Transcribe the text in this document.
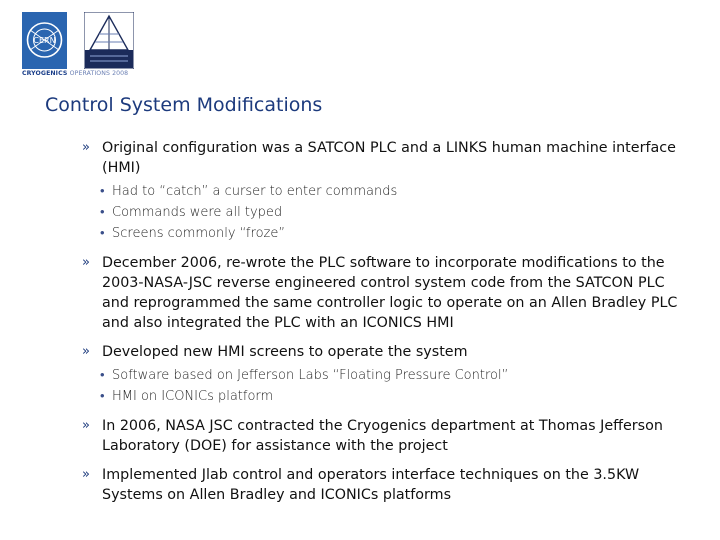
CERN
CRYOGENICS OPERATIONS 2008
Control System Modifications
» Original configuration was a SATCON PLC and a LINKS human machine interface (HMI)
• Had to “catch” a curser to enter commands
• Commands were all typed
• Screens commonly “froze”
» December 2006, re-wrote the PLC software to incorporate modifications to the 2003-NASA-JSC reverse engineered control system code from the SATCON PLC and reprogrammed the same controller logic to operate on an Allen Bradley PLC and also integrated the PLC with an ICONICS HMI
» Developed new HMI screens to operate the system
• Software based on Jefferson Labs “Floating Pressure Control”
• HMI on ICONICs platform
» In 2006, NASA JSC contracted the Cryogenics department at Thomas Jefferson Laboratory (DOE) for assistance with the project
» Implemented Jlab control and operators interface techniques on the 3.5KW Systems on Allen Bradley and ICONICs platforms
